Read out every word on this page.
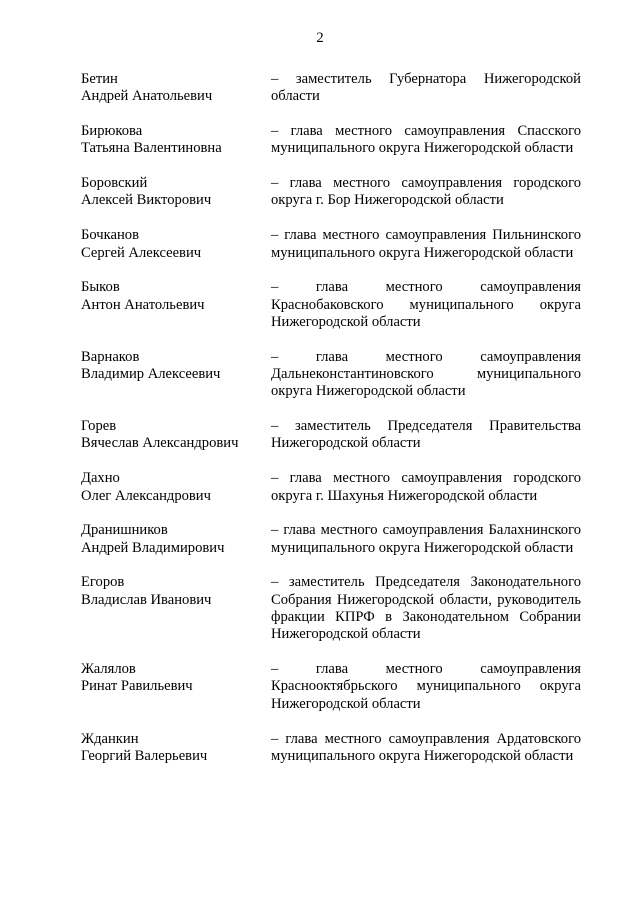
2
Бетин
Андрей Анатольевич
– заместитель Губернатора Нижегородской области
Бирюкова
Татьяна Валентиновна
– глава местного самоуправления Спасского муниципального округа Нижегородской области
Боровский
Алексей Викторович
– глава местного самоуправления городского округа г. Бор Нижегородской области
Бочканов
Сергей Алексеевич
– глава местного самоуправления Пильнинского муниципального округа Нижегородской области
Быков
Антон Анатольевич
– глава местного самоуправления Краснобаковского муниципального округа Нижегородской области
Варнаков
Владимир Алексеевич
– глава местного самоуправления Дальнеконстантиновского муниципального округа Нижегородской области
Горев
Вячеслав Александрович
– заместитель Председателя Правительства Нижегородской области
Дахно
Олег Александрович
– глава местного самоуправления городского округа г. Шахунья Нижегородской области
Дранишников
Андрей Владимирович
– глава местного самоуправления Балахнинского муниципального округа Нижегородской области
Егоров
Владислав Иванович
– заместитель Председателя Законодательного Собрания Нижегородской области, руководитель фракции КПРФ в Законодательном Собрании Нижегородской области
Жалялов
Ринат Равильевич
– глава местного самоуправления Краснооктябрьского муниципального округа Нижегородской области
Жданкин
Георгий Валерьевич
– глава местного самоуправления Ардатовского муниципального округа Нижегородской области
